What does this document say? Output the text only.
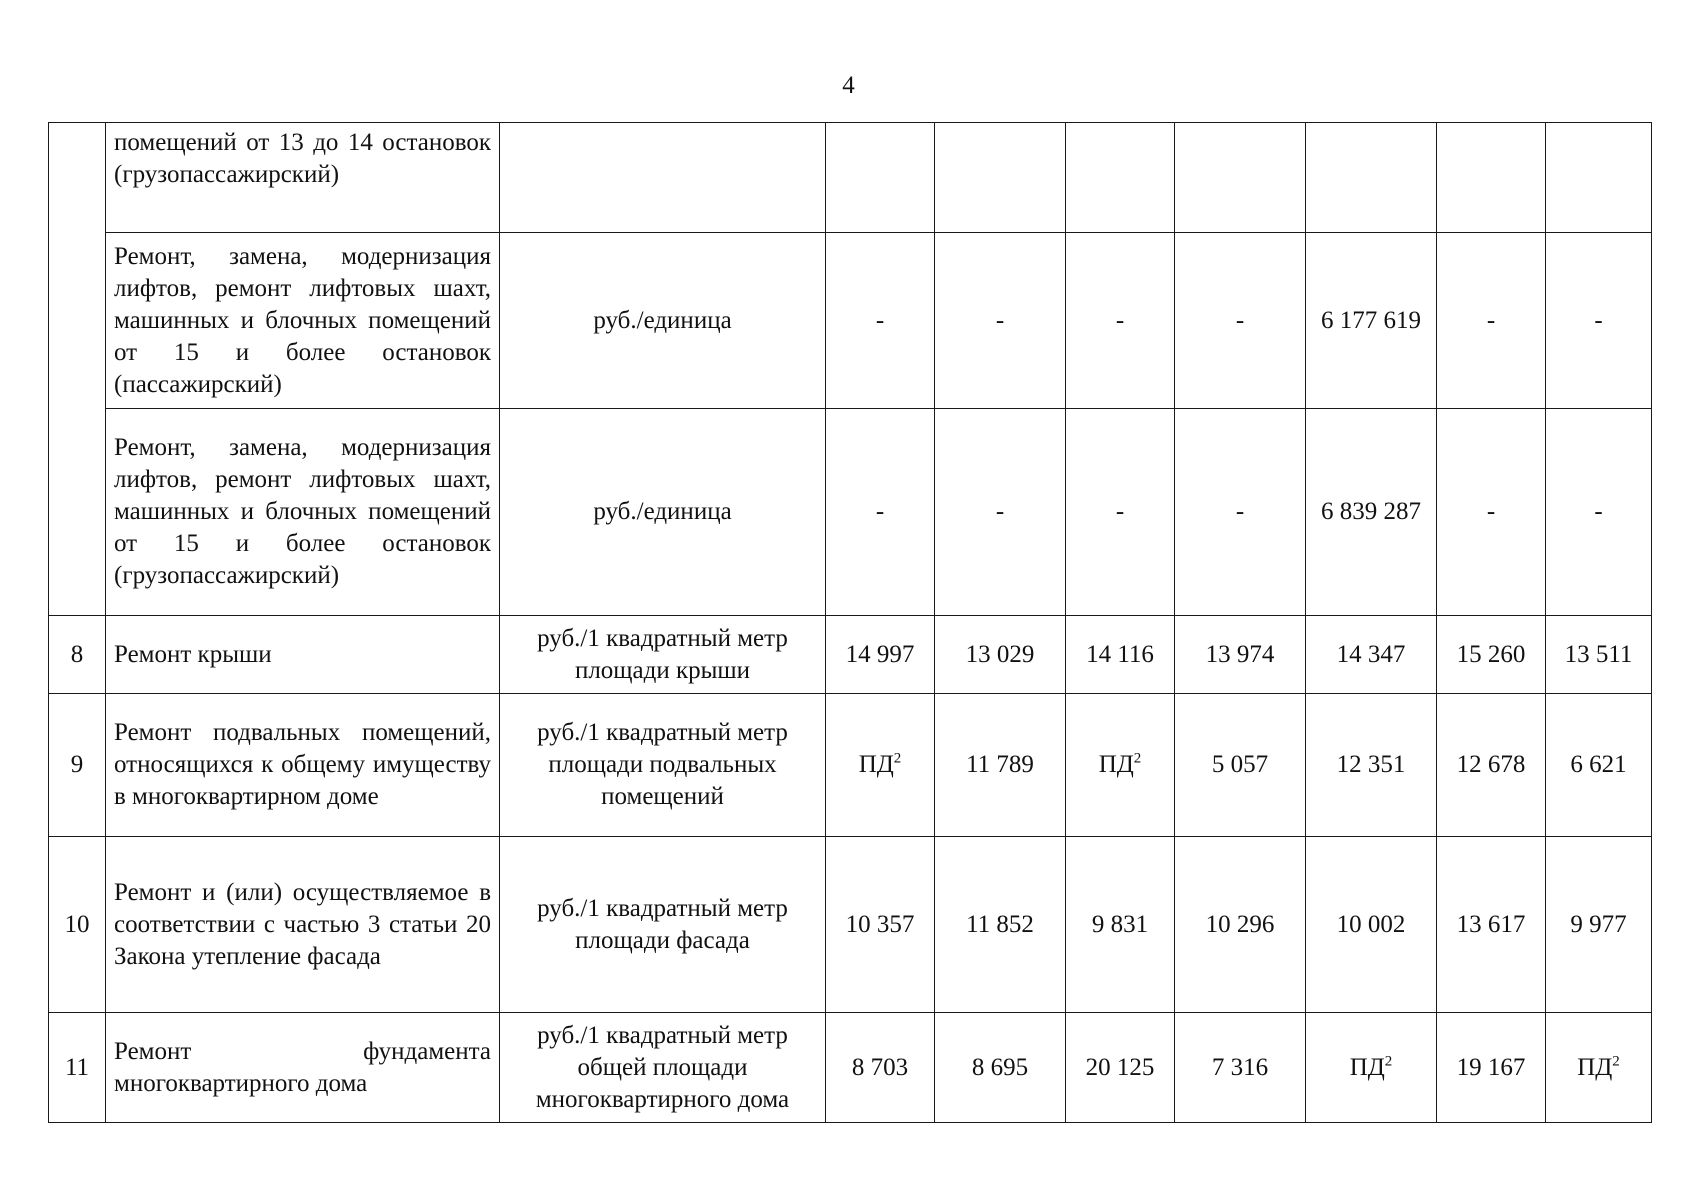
4
	помещений от 13 до 14 остановок (грузопассажирский)								
	Ремонт, замена, модернизация лифтов, ремонт лифтовых шахт, машинных и блочных помещений от 15 и более остановок (пассажирский)	руб./единица	-	-	-	-	6 177 619	-	-
	Ремонт, замена, модернизация лифтов, ремонт лифтовых шахт, машинных и блочных помещений от 15 и более остановок (грузопассажирский)	руб./единица	-	-	-	-	6 839 287	-	-
8	Ремонт крыши	руб./1 квадратный метр площади крыши	14 997	13 029	14 116	13 974	14 347	15 260	13 511
9	Ремонт подвальных помещений, относящихся к общему имуществу в многоквартирном доме	руб./1 квадратный метр площади подвальных помещений	$ПД^2$	11 789	$ПД^2$	5 057	12 351	12 678	6 621
10	Ремонт и (или) осуществляемое в соответствии с частью 3 статьи 20 Закона утепление фасада	руб./1 квадратный метр площади фасада	10 357	11 852	9 831	10 296	10 002	13 617	9 977
11	Ремонт фундамента многоквартирного дома	руб./1 квадратный метр общей площади многоквартирного дома	8 703	8 695	20 125	7 316	$ПД^2$	19 167	$ПД^2$
